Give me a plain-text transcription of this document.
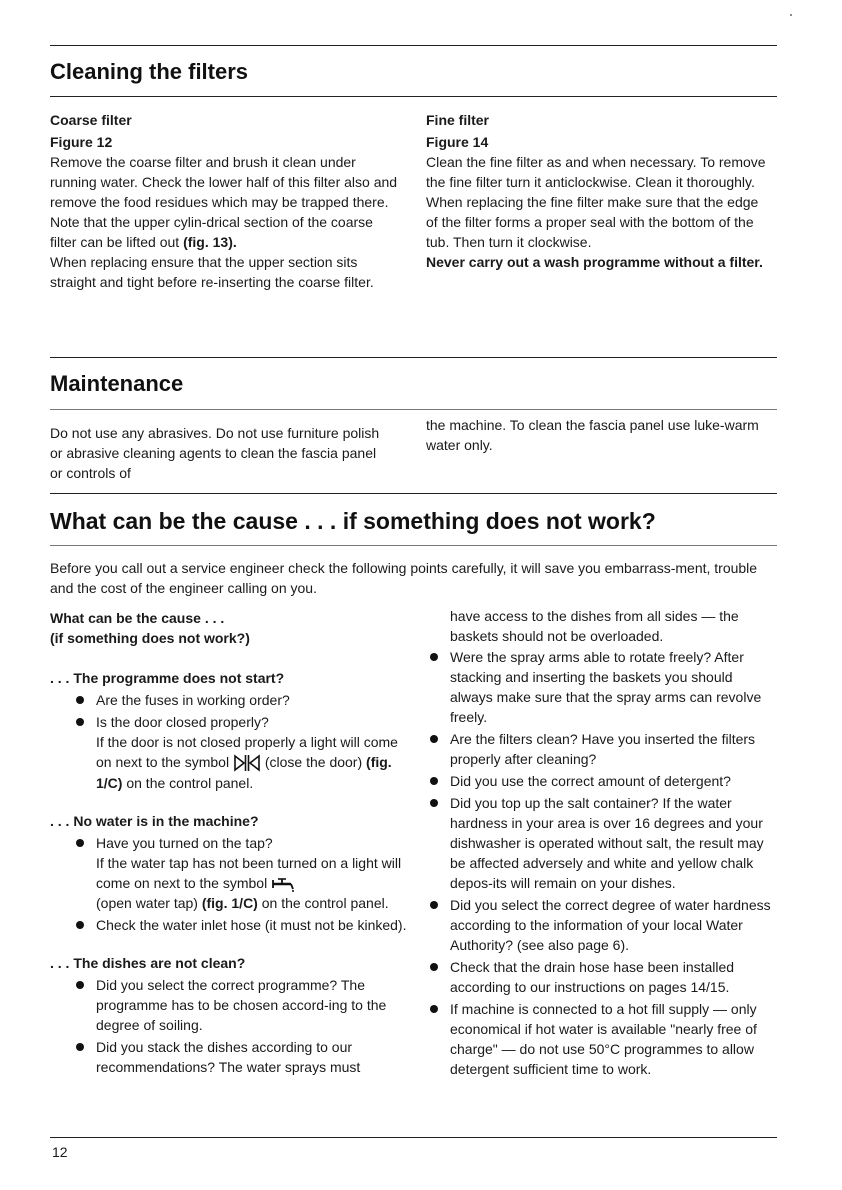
Cleaning the filters

Coarse filter

Figure 12

Remove the coarse filter and brush it clean under running water. Check the lower half of this filter also and remove the food residues which may be trapped there. Note that the upper cylin-drical section of the coarse filter can be lifted out (fig. 13).

When replacing ensure that the upper section sits straight and tight before re-inserting the coarse filter.

Fine filter

Figure 14

Clean the fine filter as and when necessary. To remove the fine filter turn it anticlockwise. Clean it thoroughly. When replacing the fine filter make sure that the edge of the filter forms a proper seal with the bottom of the tub. Then turn it clockwise.

Never carry out a wash programme without a filter.

Maintenance

Do not use any abrasives. Do not use furniture polish or abrasive cleaning agents to clean the fascia panel or controls of

the machine. To clean the fascia panel use luke-warm water only.

What can be the cause . . . if something does not work?

Before you call out a service engineer check the following points carefully, it will save you embarrass-ment, trouble and the cost of the engineer calling on you.

What can be the cause . . .

(if something does not work?)

. . . The programme does not start?

Are the fuses in working order?
Is the door closed properly?
If the door is not closed properly a light will come on next to the symbol	(close the door) (fig. 1/C) on the control panel.

. . . No water is in the machine?

Have you turned on the tap?
If the water tap has not been turned on a light will come on next to the symbol
(open water tap) (fig. 1/C) on the control panel.
Check the water inlet hose (it must not be kinked).

. . . The dishes are not clean?

Did you select the correct programme? The programme has to be chosen accord-ing to the degree of soiling.
Did you stack the dishes according to our recommendations? The water sprays must

have access to the dishes from all sides — the baskets should not be overloaded.

Were the spray arms able to rotate freely? After stacking and inserting the baskets you should always make sure that the spray arms can revolve freely.
Are the filters clean? Have you inserted the filters properly after cleaning?
Did you use the correct amount of detergent?
Did you top up the salt container? If the water hardness in your area is over 16 degrees and your dishwasher is operated without salt, the result may be affected adversely and white and yellow chalk depos-its will remain on your dishes.
Did you select the correct degree of water hardness according to the information of your local Water Authority? (see also page 6).
Check that the drain hose hase been installed according to our instructions on pages 14/15.
If machine is connected to a hot fill supply — only economical if hot water is available "nearly free of charge" — do not use 50°C programmes to allow detergent sufficient time to work.
12
